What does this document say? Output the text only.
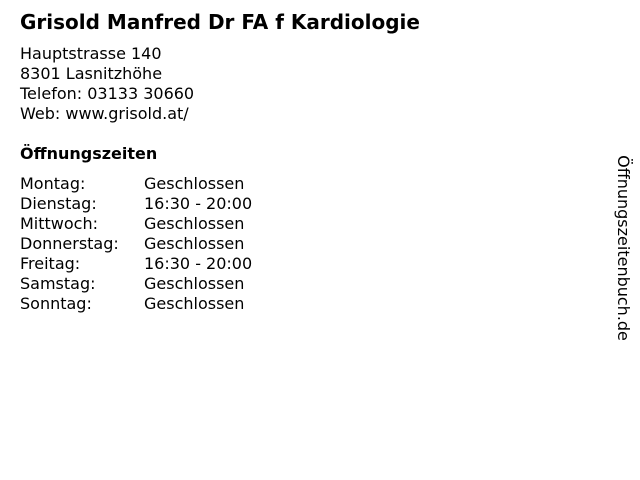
Grisold Manfred Dr FA f Kardiologie
Hauptstrasse 140
8301 Lasnitzhöhe
Telefon: 03133 30660
Web: www.grisold.at/
Öffnungszeiten
Montag:	Geschlossen
Dienstag:	16:30 - 20:00
Mittwoch:	Geschlossen
Donnerstag:	Geschlossen
Freitag:	16:30 - 20:00
Samstag:	Geschlossen
Sonntag:	Geschlossen	Öffnungszeitenbuch.de
